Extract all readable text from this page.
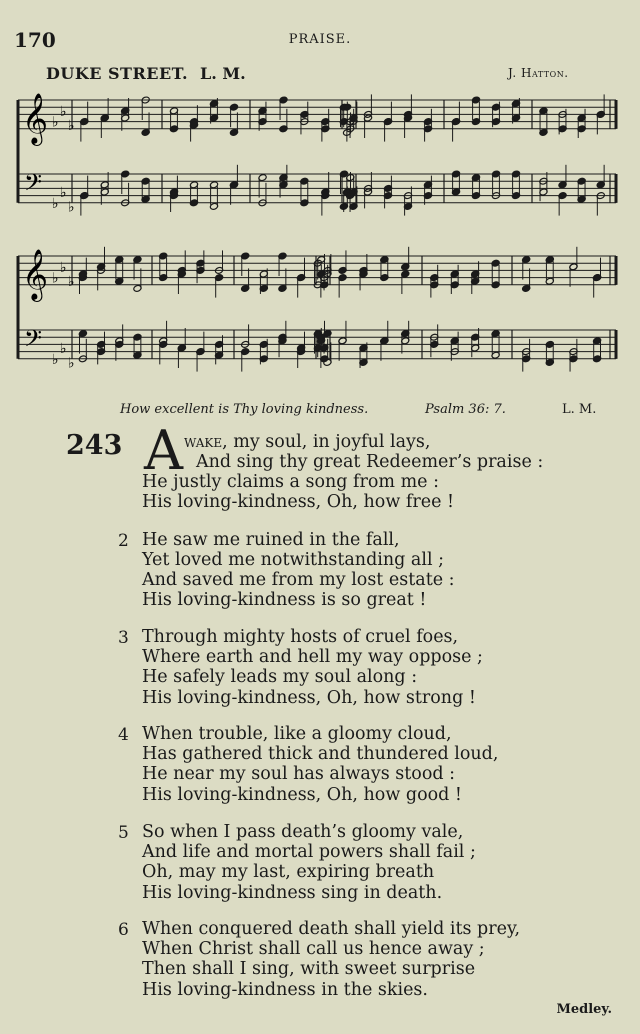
170	PRAISE.
DUKE STREET. L. M.	J. Hatton.
𝄞
𝄢
♭
♭
♭
♭
♭
♭
𝄞
𝄢
♭
♭
♭
♭
♭
♭
How excellent is Thy loving kindness.	Psalm 36: 7.	L. M.
243 A wake, my soul, in joyful lays,
And sing thy great Redeemer’s praise :
He justly claims a song from me :
His loving-kindness, Oh, how free !
2 He saw me ruined in the fall,
Yet loved me notwithstanding all ;
And saved me from my lost estate :
His loving-kindness is so great !
3 Through mighty hosts of cruel foes,
Where earth and hell my way oppose ;
He safely leads my soul along :
His loving-kindness, Oh, how strong !
4 When trouble, like a gloomy cloud,
Has gathered thick and thundered loud,
He near my soul has always stood :
His loving-kindness, Oh, how good !
5 So when I pass death’s gloomy vale,
And life and mortal powers shall fail ;
Oh, may my last, expiring breath
His loving-kindness sing in death.
6 When conquered death shall yield its prey,
When Christ shall call us hence away ;
Then shall I sing, with sweet surprise
His loving-kindness in the skies.
Medley.
